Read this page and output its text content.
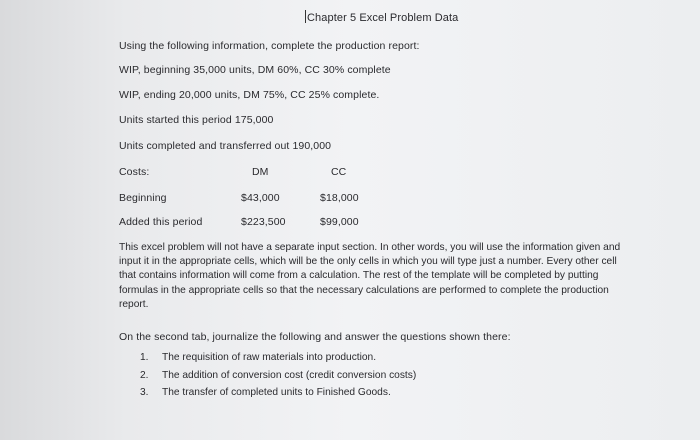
Chapter 5 Excel Problem Data
Using the following information, complete the production report:
WIP, beginning 35,000 units, DM 60%, CC 30% complete
WIP, ending 20,000 units, DM 75%, CC 25% complete.
Units started this period 175,000
Units completed and transferred out 190,000
Costs:	DM	CC
Beginning	$43,000	$18,000
Added this period	$223,500	$99,000
This excel problem will not have a separate input section. In other words, you will use the information given and input it in the appropriate cells, which will be the only cells in which you will type just a number. Every other cell that contains information will come from a calculation. The rest of the template will be completed by putting formulas in the appropriate cells so that the necessary calculations are performed to complete the production report.
On the second tab, journalize the following and answer the questions shown there:
1. The requisition of raw materials into production.
2. The addition of conversion cost (credit conversion costs)
3. The transfer of completed units to Finished Goods.
